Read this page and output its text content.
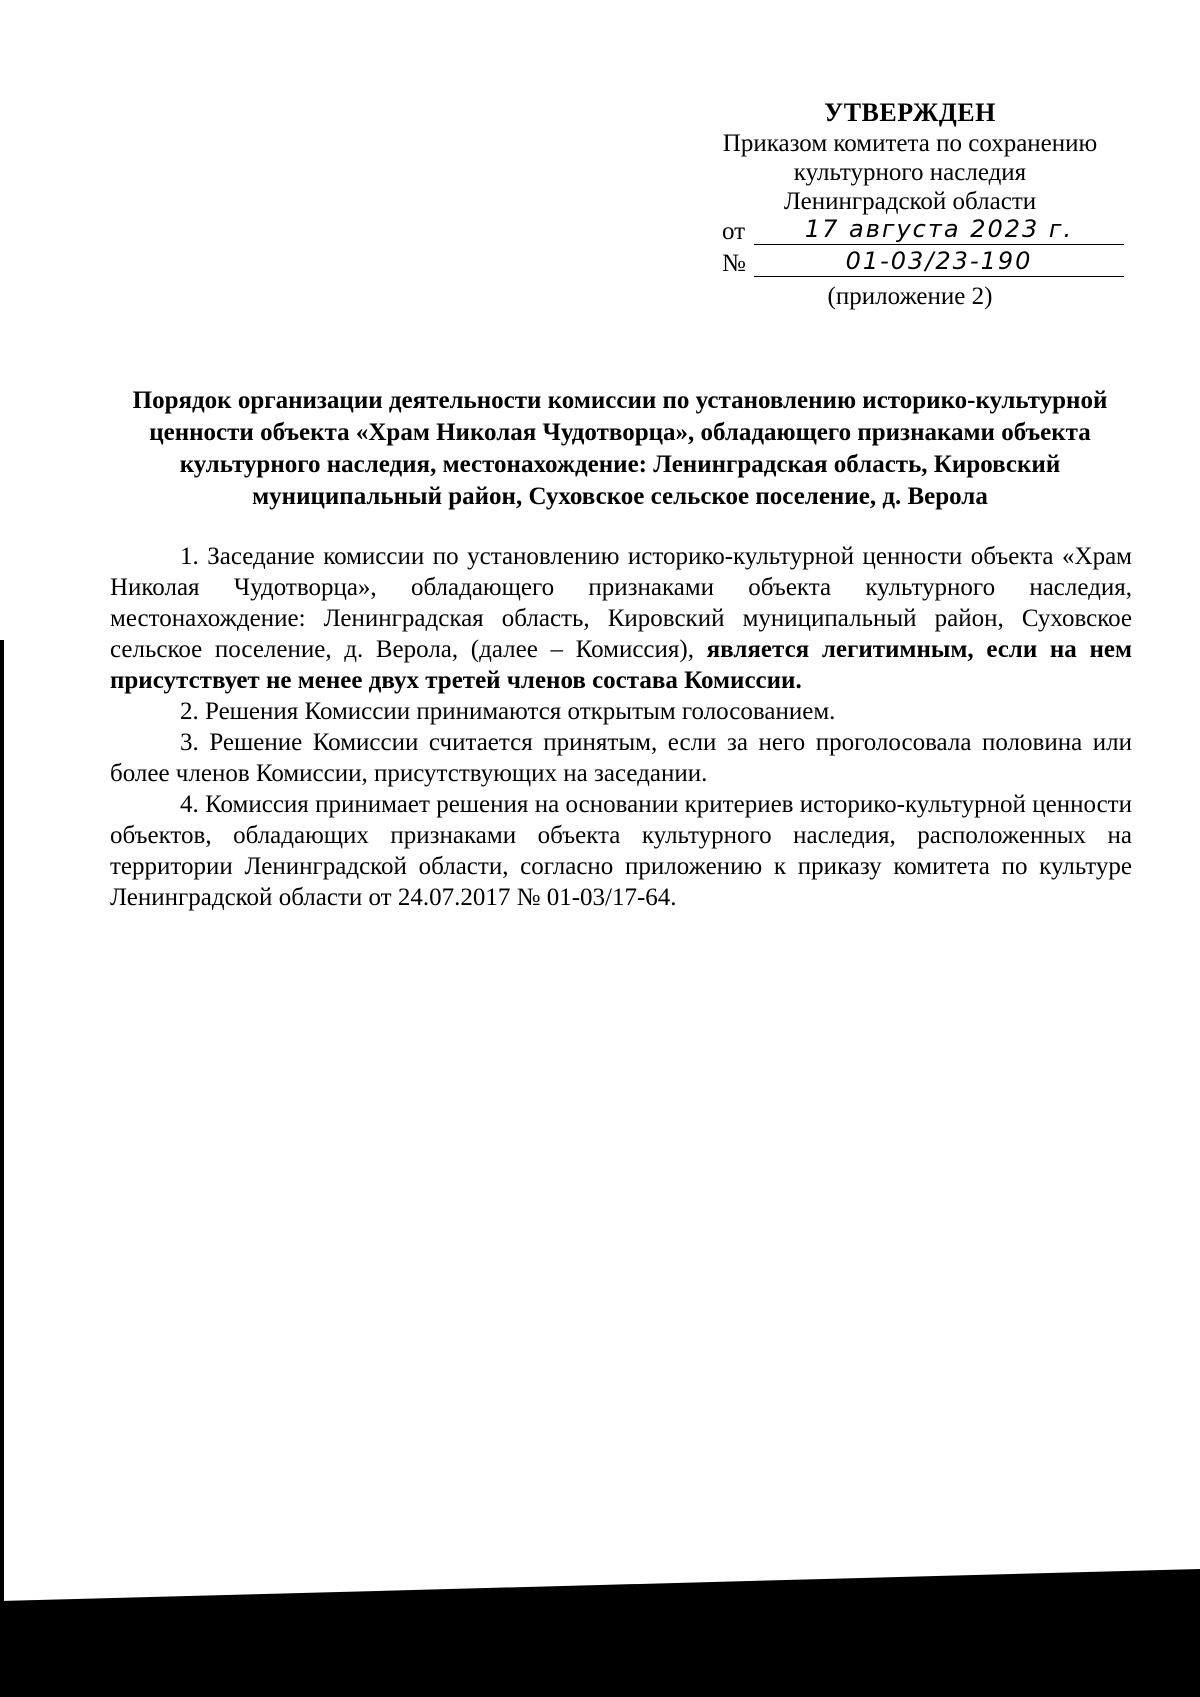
УТВЕРЖДЕН
Приказом комитета по сохранению
культурного наследия
Ленинградской области
от	17 августа 2023 г.
№	01-03/23-190
(приложение 2)
Порядок организации деятельности комиссии по установлению историко-культурной ценности объекта «Храм Николая Чудотворца», обладающего признаками объекта культурного наследия, местонахождение: Ленинградская область, Кировский муниципальный район, Суховское сельское поселение, д. Верола

1. Заседание комиссии по установлению историко-культурной ценности объекта «Храм Николая Чудотворца», обладающего признаками объекта культурного наследия, местонахождение: Ленинградская область, Кировский муниципальный район, Суховское сельское поселение, д. Верола, (далее – Комиссия), является легитимным, если на нем присутствует не менее двух третей членов состава Комиссии.

2. Решения Комиссии принимаются открытым голосованием.

3. Решение Комиссии считается принятым, если за него проголосовала половина или более членов Комиссии, присутствующих на заседании.

4. Комиссия принимает решения на основании критериев историко-культурной ценности объектов, обладающих признаками объекта культурного наследия, расположенных на территории Ленинградской области, согласно приложению к приказу комитета по культуре Ленинградской области от 24.07.2017 № 01-03/17-64.
